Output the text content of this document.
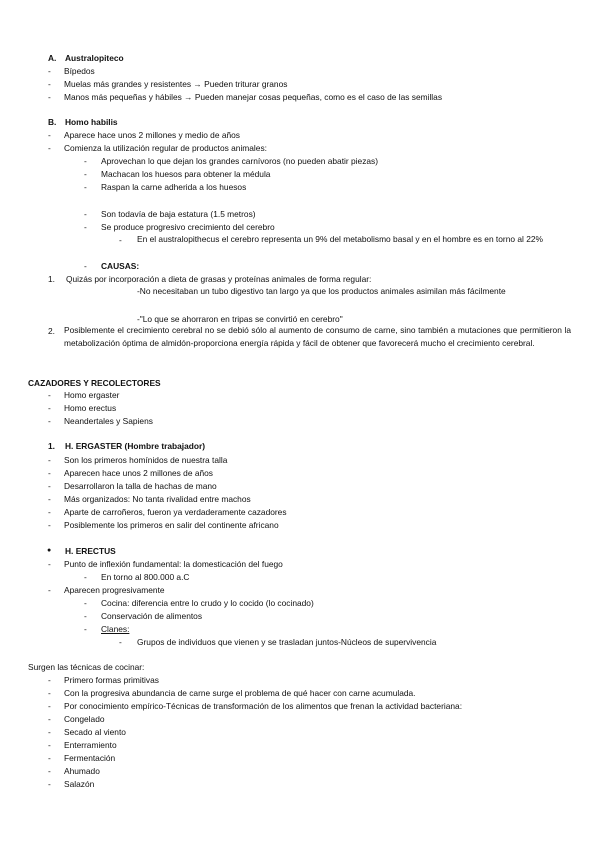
A. Australopiteco
- Bípedos
- Muelas más grandes y resistentes → Pueden triturar granos
- Manos más pequeñas y hábiles → Pueden manejar cosas pequeñas, como es el caso de las semillas
B. Homo habilis
- Aparece hace unos 2 millones y medio de años
- Comienza la utilización regular de productos animales:
- Aprovechan lo que dejan los grandes carnívoros (no pueden abatir piezas)
- Machacan los huesos para obtener la médula
- Raspan la carne adherida a los huesos
- Son todavía de baja estatura (1.5 metros)
- Se produce progresivo crecimiento del cerebro
- En el australopithecus el cerebro representa un 9% del metabolismo basal y en el hombre es en torno al 22%
- CAUSAS:
1. Quizás por incorporación a dieta de grasas y proteínas animales de forma regular:
-No necesitaban un tubo digestivo tan largo ya que los productos animales asimilan más fácilmente
-"Lo que se ahorraron en tripas se convirtió en cerebro"
2. Posiblemente el crecimiento cerebral no se debió sólo al aumento de consumo de carne, sino también a mutaciones que permitieron la metabolización óptima de almidón-proporciona energía rápida y fácil de obtener que favorecerá mucho el crecimiento cerebral.
CAZADORES Y RECOLECTORES
- Homo ergaster
- Homo erectus
- Neandertales y Sapiens
1. H. ERGASTER (Hombre trabajador)
- Son los primeros homínidos de nuestra talla
- Aparecen hace unos 2 millones de años
- Desarrollaron la talla de hachas de mano
- Más organizados: No tanta rivalidad entre machos
- Aparte de carroñeros, fueron ya verdaderamente cazadores
- Posiblemente los primeros en salir del continente africano
● H. ERECTUS
- Punto de inflexión fundamental: la domesticación del fuego
- En torno al 800.000 a.C
- Aparecen progresivamente
- Cocina: diferencia entre lo crudo y lo cocido (lo cocinado)
- Conservación de alimentos
- Clanes:
- Grupos de individuos que vienen y se trasladan juntos-Núcleos de supervivencia
Surgen las técnicas de cocinar:
- Primero formas primitivas
- Con la progresiva abundancia de carne surge el problema de qué hacer con carne acumulada.
- Por conocimiento empírico-Técnicas de transformación de los alimentos que frenan la actividad bacteriana:
- Congelado
- Secado al viento
- Enterramiento
- Fermentación
- Ahumado
- Salazón
